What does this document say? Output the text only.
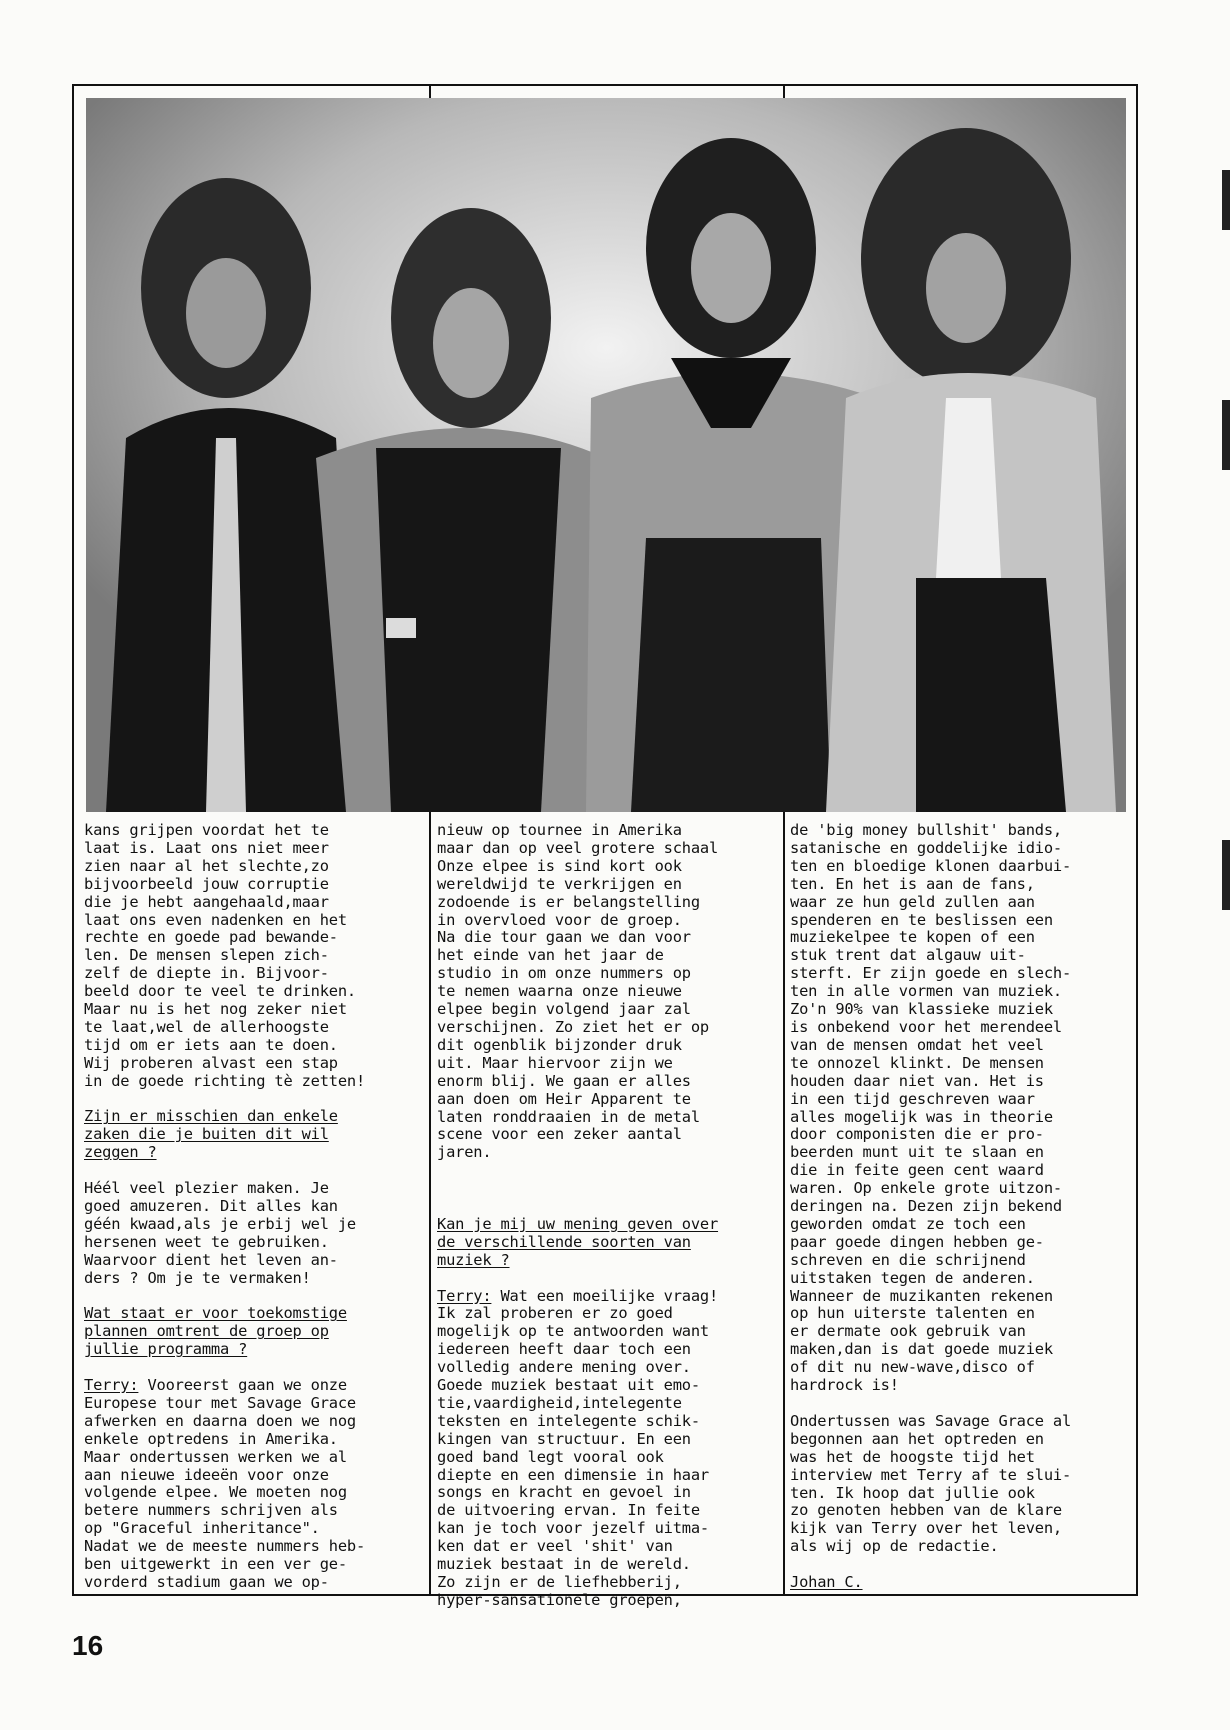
kans grijpen voordat het te
laat is. Laat ons niet meer
zien naar al het slechte,zo
bijvoorbeeld jouw corruptie
die je hebt aangehaald,maar
laat ons even nadenken en het
rechte en goede pad bewande-
len. De mensen slepen zich-
zelf de diepte in. Bijvoor-
beeld door te veel te drinken.
Maar nu is het nog zeker niet
te laat,wel de allerhoogste
tijd om er iets aan te doen.
Wij proberen alvast een stap
in de goede richting tè zetten!

Zijn er misschien dan enkele
zaken die je buiten dit wil
zeggen ?

Héél veel plezier maken. Je
goed amuzeren. Dit alles kan
géén kwaad,als je erbij wel je
hersenen weet te gebruiken.
Waarvoor dient het leven an-
ders ? Om je te vermaken!

Wat staat er voor toekomstige
plannen omtrent de groep op
jullie programma ?

Terry: Vooreerst gaan we onze
Europese tour met Savage Grace
afwerken en daarna doen we nog
enkele optredens in Amerika.
Maar ondertussen werken we al
aan nieuwe ideeën voor onze
volgende elpee. We moeten nog
betere nummers schrijven als
op "Graceful inheritance".
Nadat we de meeste nummers heb-
ben uitgewerkt in een ver ge-
vorderd stadium gaan we op-

nieuw op tournee in Amerika
maar dan op veel grotere schaal
Onze elpee is sind kort ook
wereldwijd te verkrijgen en
zodoende is er belangstelling
in overvloed voor de groep.
Na die tour gaan we dan voor
het einde van het jaar de
studio in om onze nummers op
te nemen waarna onze nieuwe
elpee begin volgend jaar zal
verschijnen. Zo ziet het er op
dit ogenblik bijzonder druk
uit. Maar hiervoor zijn we
enorm blij. We gaan er alles
aan doen om Heir Apparent te
laten ronddraaien in de metal
scene voor een zeker aantal
jaren.

Kan je mij uw mening geven over
de verschillende soorten van
muziek ?

Terry: Wat een moeilijke vraag!
Ik zal proberen er zo goed
mogelijk op te antwoorden want
iedereen heeft daar toch een
volledig andere mening over.
Goede muziek bestaat uit emo-
tie,vaardigheid,intelegente
teksten en intelegente schik-
kingen van structuur. En een
goed band legt vooral ook
diepte en een dimensie in haar
songs en kracht en gevoel in
de uitvoering ervan. In feite
kan je toch voor jezelf uitma-
ken dat er veel 'shit' van
muziek bestaat in de wereld.
Zo zijn er de liefhebberij,
hyper-sansationele groepen,

de 'big money bullshit' bands,
satanische en goddelijke idio-
ten en bloedige klonen daarbui-
ten. En het is aan de fans,
waar ze hun geld zullen aan
spenderen en te beslissen een
muziekelpee te kopen of een
stuk trent dat algauw uit-
sterft. Er zijn goede en slech-
ten in alle vormen van muziek.
Zo'n 90% van klassieke muziek
is onbekend voor het merendeel
van de mensen omdat het veel
te onnozel klinkt. De mensen
houden daar niet van. Het is
in een tijd geschreven waar
alles mogelijk was in theorie
door componisten die er pro-
beerden munt uit te slaan en
die in feite geen cent waard
waren. Op enkele grote uitzon-
deringen na. Dezen zijn bekend
geworden omdat ze toch een
paar goede dingen hebben ge-
schreven en die schrijnend
uitstaken tegen de anderen.
Wanneer de muzikanten rekenen
op hun uiterste talenten en
er dermate ook gebruik van
maken,dan is dat goede muziek
of dit nu new-wave,disco of
hardrock is!

Ondertussen was Savage Grace al
begonnen aan het optreden en
was het de hoogste tijd het
interview met Terry af te slui-
ten. Ik hoop dat jullie ook
zo genoten hebben van de klare
kijk van Terry over het leven,
als wij op de redactie.

Johan C.

16
